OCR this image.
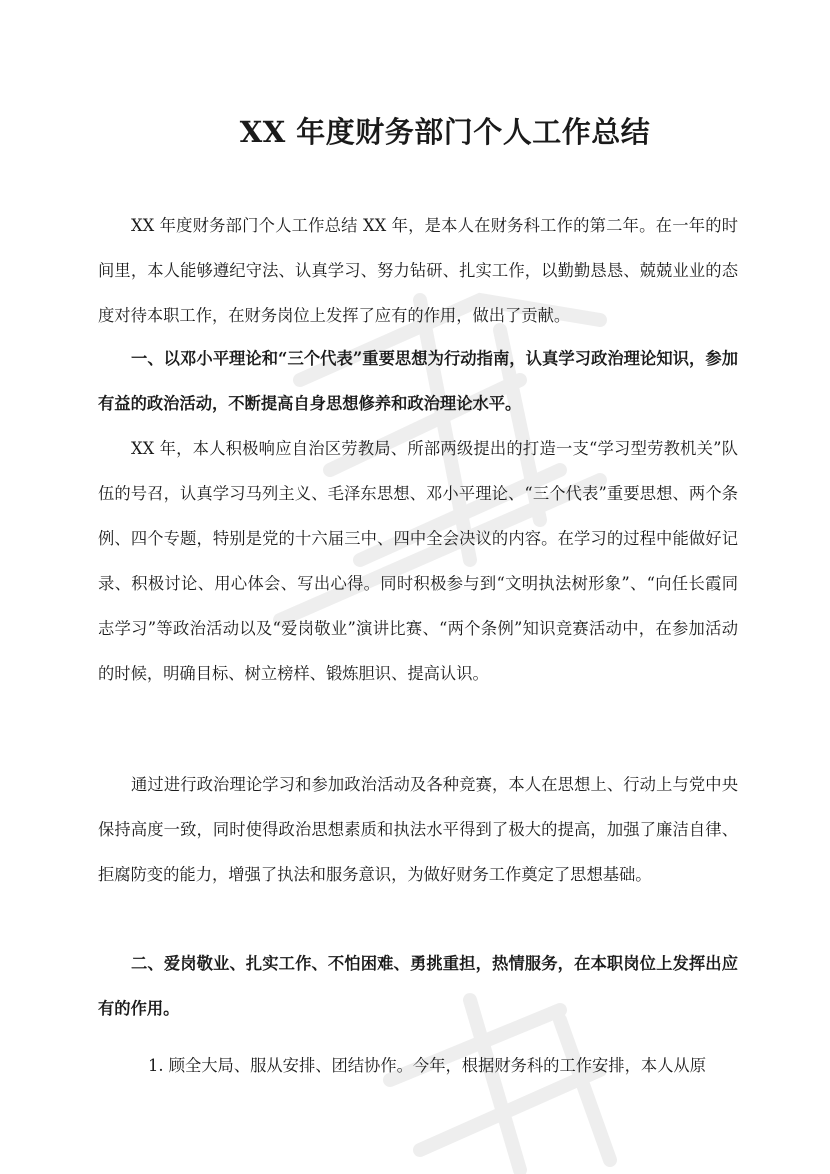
XX 年度财务部门个人工作总结

XX 年度财务部门个人工作总结 XX 年，是本人在财务科工作的第二年。在一年的时间里，本人能够遵纪守法、认真学习、努力钻研、扎实工作，以勤勤恳恳、兢兢业业的态度对待本职工作，在财务岗位上发挥了应有的作用，做出了贡献。

一、以邓小平理论和“三个代表”重要思想为行动指南，认真学习政治理论知识，参加有益的政治活动，不断提高自身思想修养和政治理论水平。

XX 年，本人积极响应自治区劳教局、所部两级提出的打造一支“学习型劳教机关”队伍的号召，认真学习马列主义、毛泽东思想、邓小平理论、“三个代表”重要思想、两个条例、四个专题，特别是党的十六届三中、四中全会决议的内容。在学习的过程中能做好记录、积极讨论、用心体会、写出心得。同时积极参与到“文明执法树形象”、“向任长霞同志学习”等政治活动以及“爱岗敬业”演讲比赛、“两个条例”知识竞赛活动中，在参加活动的时候，明确目标、树立榜样、锻炼胆识、提高认识。

通过进行政治理论学习和参加政治活动及各种竞赛，本人在思想上、行动上与党中央保持高度一致，同时使得政治思想素质和执法水平得到了极大的提高，加强了廉洁自律、拒腐防变的能力，增强了执法和服务意识，为做好财务工作奠定了思想基础。

二、爱岗敬业、扎实工作、不怕困难、勇挑重担，热情服务，在本职岗位上发挥出应有的作用。

1. 顾全大局、服从安排、团结协作。今年，根据财务科的工作安排，本人从原
